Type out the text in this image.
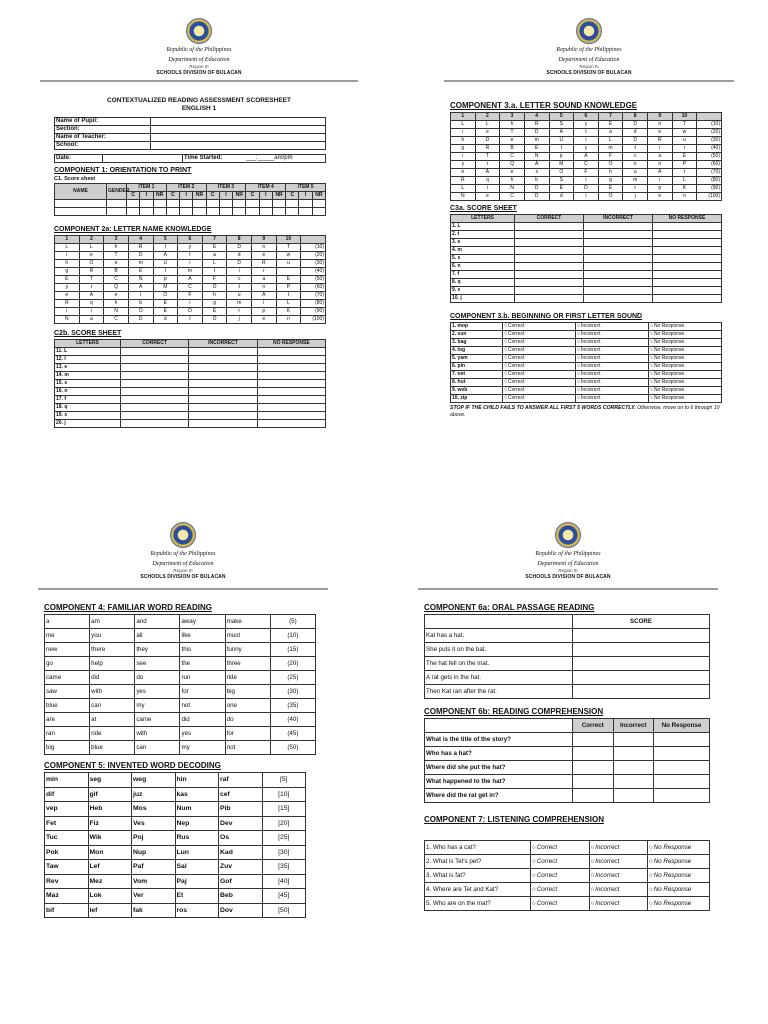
Republic of the Philippines
Department of Education
Region III
SCHOOLS DIVISION OF BULACAN
CONTEXTUALIZED READING ASSESSMENT SCORESHEET
ENGLISH 1
Name of Pupil:	
Section:	
Name of Teacher:	
School:	
Date:		Time Started:	___:_____am/pm
COMPONENT 1: ORIENTATION TO PRINT
C1. Score sheet
NAME	GENDER	ITEM 1			ITEM 2			ITEM 3			ITEM 4			ITEM 5		
		C	I	NR	C	I	NR	C	I	NR	C	I	NR	C	I	NR

COMPONENT 2a: LETTER NAME KNOWLEDGE
1	2	3	4	5	6	7	8	9	10	
L	L	h	R	I	y	E	D	n	T	(10)
i	e	T	D	A	t	a	d	e	w	(20)
h	O	e	m	U	i	L	D	R	u	(30)
g	R	B	E	I	m	t	i	r		(40)
E	T	C	N	p	A	F	c	a	E	(50)
y	r	Q	A	M	C	O	t	n	P	(60)
e	A	e	i	O	F	h	u	A	t	(70)
R	q	h	b	E	i	g	m	i	L	(80)
i	i	N	O	E	O	E	r	p	K	(90)
N	a	C	D	d	I	O	j	e	n	(100)
C2b. SCORE SHEET
LETTERS	CORRECT	INCORRECT	NO RESPONSE
11. L			
12. I			
13. e			
14. m			
15. s			
16. n			
17. f			
18. q			
19. x			
20. j			
Republic of the Philippines
Department of Education
Region III
SCHOOLS DIVISION OF BULACAN
COMPONENT 3.a. LETTER SOUND KNOWLEDGE
1	2	3	4	5	6	7	8	9	10	
L	L	h	R	S	y	E	D	n	T	(10)
i	e	T	D	A	t	a	d	e	w	(20)
h	D	e	m	U	i	L	D	R	u	(30)
g	R	B	E	I	y	m	t	i	r	(40)
i	T	C	N	p	A	F	c	a	E	(50)
y	r	Q	A	M	C	O	n	n	P	(60)
e	A	e	x	O	F	h	u	A	t	(70)
R	q	h	b	S	i	g	m	i	L	(80)
L	i	N	D	E	D	E	r	p	K	(90)
N	e	C	D	d	i	O	j	e	n	(100)
C3a. SCORE SHEET
LETTERS	CORRECT	INCORRECT	NO RESPONSE
1. L			
2. t			
3. e			
4. m			
5. s			
6. n			
7. f			
8. q			
9. x			
10. j			
COMPONENT 3.b. BEGINNING OR FIRST LETTER SOUND
1. mop	○ Correct	○ Incorrect	○ No Response
2. sun	○ Correct	○ Incorrect	○ No Response
3. bag	○ Correct	○ Incorrect	○ No Response
4. log	○ Correct	○ Incorrect	○ No Response
5. yam	○ Correct	○ Incorrect	○ No Response
6. pin	○ Correct	○ Incorrect	○ No Response
7. net	○ Correct	○ Incorrect	○ No Response
8. hut	○ Correct	○ Incorrect	○ No Response
9. web	○ Correct	○ Incorrect	○ No Response
10. zip	○ Correct	○ Incorrect	○ No Response
STOP IF THE CHILD FAILS TO ANSWER ALL FIRST 5 WORDS CORRECTLY. Otherwise, move on to 6 through 10 above.
Republic of the Philippines
Department of Education
Region III
SCHOOLS DIVISION OF BULACAN
COMPONENT 4: FAMILIAR WORD READING
a	am	and	away	make	(5)
me	you	all	like	must	(10)
new	there	they	this	funny	(15)
go	help	see	the	three	(20)
came	did	do	run	ride	(25)
saw	with	yes	for	big	(30)
blue	can	my	not	one	(35)
are	at	came	did	do	(40)
ran	ride	with	yes	for	(45)
big	blue	can	my	not	(50)
COMPONENT 5: INVENTED WORD DECODING
min	seg	weg	hin	raf	[5]
dif	gif	juz	kas	cef	[10]
vep	Heb	Mos	Num	Pib	[15]
Fet	Fiz	Ves	Nep	Dev	[20]
Tuc	Wik	Poj	Rus	Os	[25]
Pok	Mon	Nup	Lun	Kad	[30]
Taw	Lef	Paf	Sal	Zuv	[35]
Rev	Mez	Vom	Paj	Gof	[40]
Maz	Lok	Ver	Et	Beb	[45]
bif	lef	fak	ros	Dov	[50]
Republic of the Philippines
Department of Education
Region III
SCHOOLS DIVISION OF BULACAN
COMPONENT 6a: ORAL PASSAGE READING
	SCORE
Kat has a hat.	
She puts it on the bat.	
The hat fell on the mat.	
A rat gets in the hat.	
Then Kat ran after the rat.	
COMPONENT 6b: READING COMPREHENSION
	Correct	Incorrect	No Response
What is the title of the story?			
Who has a hat?			
Where did she put the hat?			
What happened to the hat?			
Where did the rat get in?			
COMPONENT 7: LISTENING COMPREHENSION
1. Who has a cat?	○ Correct	○ Incorrect	○ No Response
2. What is Tet's pet?	○ Correct	○ Incorrect	○ No Response
3. What is fat?	○ Correct	○ Incorrect	○ No Response
4. Where are Tet and Kat?	○ Correct	○ Incorrect	○ No Response
5. Who are on the mat?	○ Correct	○ Incorrect	○ No Response
